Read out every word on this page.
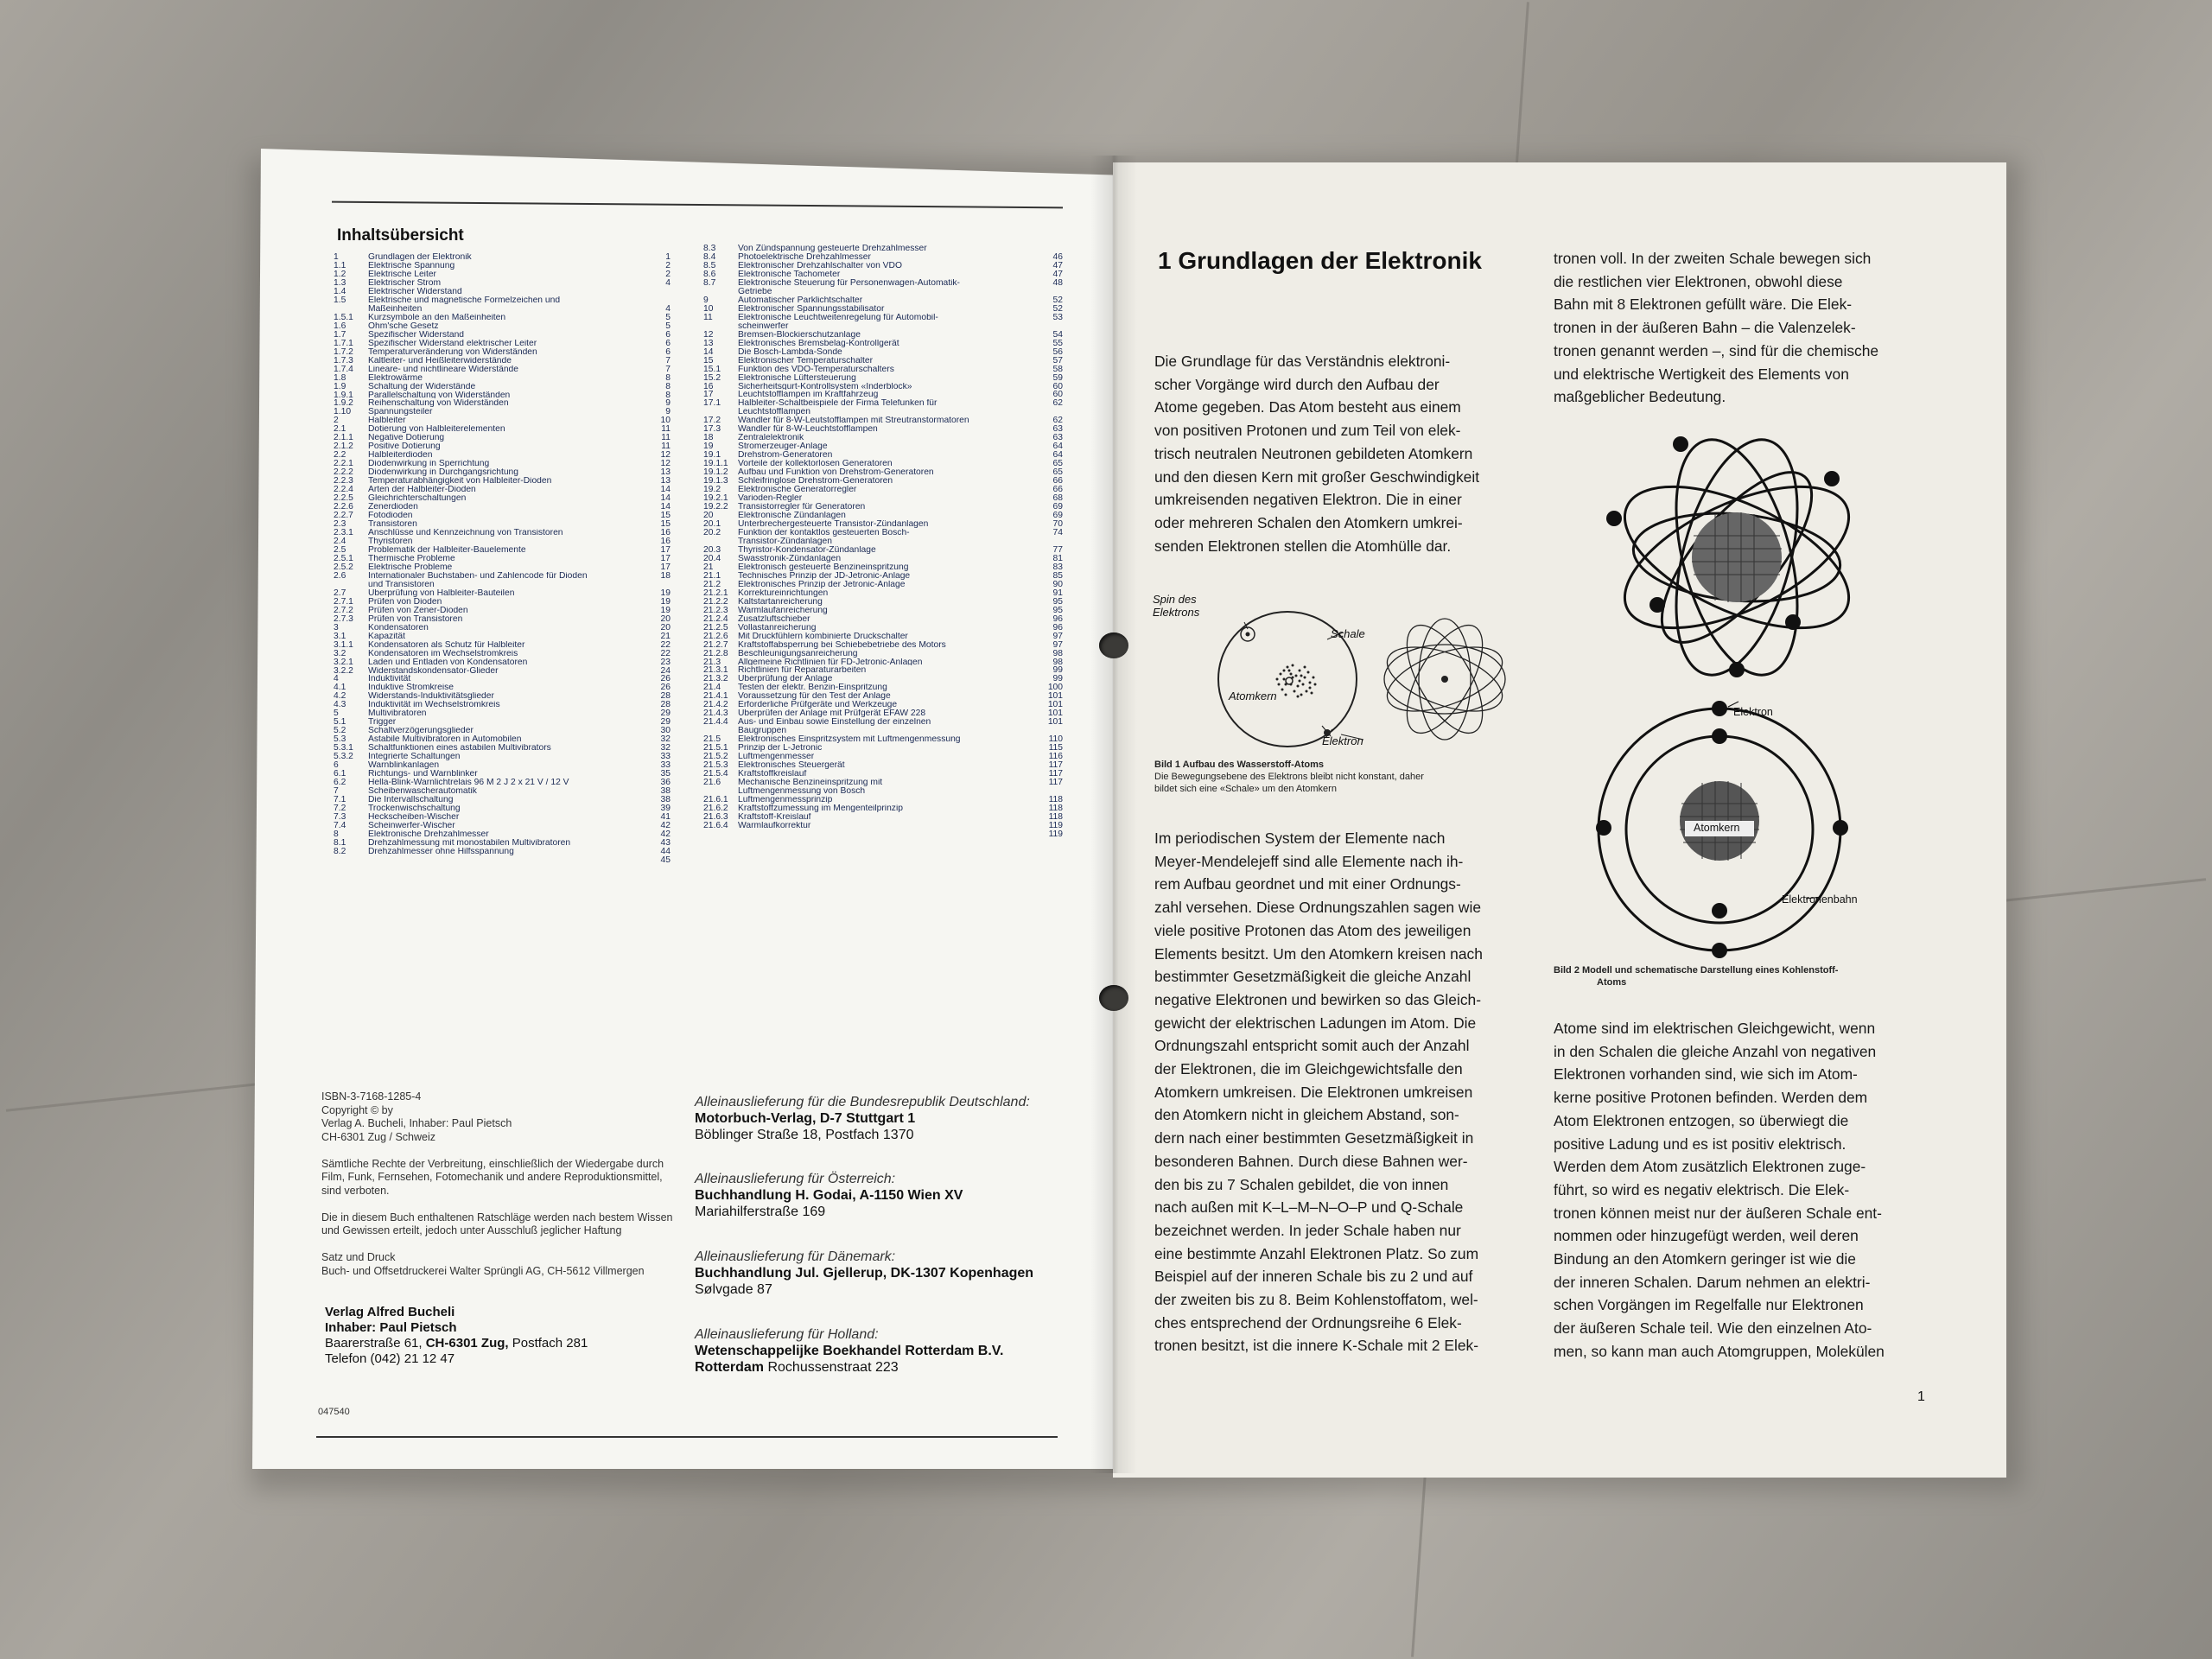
Inhaltsübersicht
1	Grundlagen der Elektronik	1
1.1	Elektrische Spannung	2
1.2	Elektrische Leiter	2
1.3	Elektrischer Strom	4
1.4	Elektrischer Widerstand
1.5	Elektrische und magnetische Formelzeichen und
Maßeinheiten	4
1.5.1	Kurzsymbole an den Maßeinheiten	5
1.6	Ohm'sche Gesetz	5
1.7	Spezifischer Widerstand	6
1.7.1	Spezifischer Widerstand elektrischer Leiter	6
1.7.2	Temperaturveränderung von Widerständen	6
1.7.3	Kaltleiter- und Heißleiterwiderstände	7
1.7.4	Lineare- und nichtlineare Widerstände	7
1.8	Elektrowärme	8
1.9	Schaltung der Widerstände	8
1.9.1	Parallelschaltung von Widerständen	8
1.9.2	Reihenschaltung von Widerständen	9
1.10	Spannungsteiler	9
2	Halbleiter	10
2.1	Dotierung von Halbleiterelementen	11
2.1.1	Negative Dotierung	11
2.1.2	Positive Dotierung	11
2.2	Halbleiterdioden	12
2.2.1	Diodenwirkung in Sperrichtung	12
2.2.2	Diodenwirkung in Durchgangsrichtung	13
2.2.3	Temperaturabhängigkeit von Halbleiter-Dioden	13
2.2.4	Arten der Halbleiter-Dioden	14
2.2.5	Gleichrichterschaltungen	14
2.2.6	Zenerdioden	14
2.2.7	Fotodioden	15
2.3	Transistoren	15
2.3.1	Anschlüsse und Kennzeichnung von Transistoren	16
2.4	Thyristoren	16
2.5	Problematik der Halbleiter-Bauelemente	17
2.5.1	Thermische Probleme	17
2.5.2	Elektrische Probleme	17
2.6	Internationaler Buchstaben- und Zahlencode für Dioden	18
und Transistoren
2.7	Überprüfung von Halbleiter-Bauteilen	19
2.7.1	Prüfen von Dioden	19
2.7.2	Prüfen von Zener-Dioden	19
2.7.3	Prüfen von Transistoren	20
3	Kondensatoren	20
3.1	Kapazität	21
3.1.1	Kondensatoren als Schutz für Halbleiter	22
3.2	Kondensatoren im Wechselstromkreis	22
3.2.1	Laden und Entladen von Kondensatoren	23
3.2.2	Widerstandskondensator-Glieder	24
4	Induktivität	26
4.1	Induktive Stromkreise	26
4.2	Widerstands-Induktivitätsglieder	28
4.3	Induktivität im Wechselstromkreis	28
5	Multivibratoren	29
5.1	Trigger	29
5.2	Schaltverzögerungsglieder	30
5.3	Astabile Multivibratoren in Automobilen	32
5.3.1	Schaltfunktionen eines astabilen Multivibrators	32
5.3.2	Integrierte Schaltungen	33
6	Warnblinkanlagen	33
6.1	Richtungs- und Warnblinker	35
6.2	Hella-Blink-Warnlichtrelais 96 M 2 J 2 x 21 V / 12 V	36
7	Scheibenwascherautomatik	38
7.1	Die Intervallschaltung	38
7.2	Trockenwischschaltung	39
7.3	Heckscheiben-Wischer	41
7.4	Scheinwerfer-Wischer	42
8	Elektronische Drehzahlmesser	42
8.1	Drehzahlmessung mit monostabilen Multivibratoren	43
8.2	Drehzahlmesser ohne Hilfsspannung	44
45
8.3	Von Zündspannung gesteuerte Drehzahlmesser
8.4	Photoelektrische Drehzahlmesser	46
8.5	Elektronischer Drehzahlschalter von VDO	47
8.6	Elektronische Tachometer	47
8.7	Elektronische Steuerung für Personenwagen-Automatik-	48
Getriebe
9	Automatischer Parklichtschalter	52
10	Elektronischer Spannungsstabilisator	52
11	Elektronische Leuchtweitenregelung für Automobil-	53
scheinwerfer
12	Bremsen-Blockierschutzanlage	54
13	Elektronisches Bremsbelag-Kontrollgerät	55
14	Die Bosch-Lambda-Sonde	56
15	Elektronischer Temperaturschalter	57
15.1	Funktion des VDO-Temperaturschalters	58
15.2	Elektronische Lüftersteuerung	59
16	Sicherheitsgurt-Kontrollsystem «Inderblock»	60
17	Leuchtstofflampen im Kraftfahrzeug	60
17.1	Halbleiter-Schaltbeispiele der Firma Telefunken für	62
Leuchtstofflampen
17.2	Wandler für 8-W-Leutstofflampen mit Streutranstormatoren	62
17.3	Wandler für 8-W-Leuchtstofflampen	63
18	Zentralelektronik	63
19	Stromerzeuger-Anlage	64
19.1	Drehstrom-Generatoren	64
19.1.1	Vorteile der kollektorlosen Generatoren	65
19.1.2	Aufbau und Funktion von Drehstrom-Generatoren	65
19.1.3	Schleifringlose Drehstrom-Generatoren	66
19.2	Elektronische Generatorregler	66
19.2.1	Varioden-Regler	68
19.2.2	Transistorregler für Generatoren	69
20	Elektronische Zündanlagen	69
20.1	Unterbrechergesteuerte Transistor-Zündanlagen	70
20.2	Funktion der kontaktlos gesteuerten Bosch-	74
Transistor-Zündanlagen
20.3	Thyristor-Kondensator-Zündanlage	77
20.4	Swasstronik-Zündanlagen	81
21	Elektronisch gesteuerte Benzineinspritzung	83
21.1	Technisches Prinzip der JD-Jetronic-Anlage	85
21.2	Elektronisches Prinzip der Jetronic-Anlage	90
21.2.1	Korrektureinrichtungen	91
21.2.2	Kaltstartanreicherung	95
21.2.3	Warmlaufanreicherung	95
21.2.4	Zusatzluftschieber	96
21.2.5	Vollastanreicherung	96
21.2.6	Mit Druckfühlern kombinierte Druckschalter	97
21.2.7	Kraftstoffabsperrung bei Schiebebetriebe des Motors	97
21.2.8	Beschleunigungsanreicherung	98
21.3	Allgemeine Richtlinien für FD-Jetronic-Anlagen	98
21.3.1	Richtlinien für Reparaturarbeiten	99
21.3.2	Überprüfung der Anlage	99
21.4	Testen der elektr. Benzin-Einspritzung	100
21.4.1	Voraussetzung für den Test der Anlage	101
21.4.2	Erforderliche Prüfgeräte und Werkzeuge	101
21.4.3	Überprüfen der Anlage mit Prüfgerät EFAW 228	101
21.4.4	Aus- und Einbau sowie Einstellung der einzelnen	101
Baugruppen
21.5	Elektronisches Einspritzsystem mit Luftmengenmessung	110
21.5.1	Prinzip der L-Jetronic	115
21.5.2	Luftmengenmesser	116
21.5.3	Elektronisches Steuergerät	117
21.5.4	Kraftstoffkreislauf	117
21.6	Mechanische Benzineinspritzung mit	117
Luftmengenmessung von Bosch
21.6.1	Luftmengenmessprinzip	118
21.6.2	Kraftstoffzumessung im Mengenteilprinzip	118
21.6.3	Kraftstoff-Kreislauf	118
21.6.4	Warmlaufkorrektur	119
119
ISBN-3-7168-1285-4
Copyright © by
Verlag A. Bucheli, Inhaber: Paul Pietsch
CH-6301 Zug / Schweiz

Sämtliche Rechte der Verbreitung, einschließlich der Wiedergabe durch
Film, Funk, Fernsehen, Fotomechanik und andere Reproduktionsmittel,
sind verboten.

Die in diesem Buch enthaltenen Ratschläge werden nach bestem Wissen
und Gewissen erteilt, jedoch unter Ausschluß jeglicher Haftung

Satz und Druck
Buch- und Offsetdruckerei Walter Sprüngli AG, CH-5612 Villmergen
Verlag Alfred Bucheli
Inhaber: Paul Pietsch
Baarerstraße 61, CH-6301 Zug, Postfach 281
Telefon (042) 21 12 47
Alleinauslieferung für die Bundesrepublik Deutschland:
Motorbuch-Verlag, D-7 Stuttgart 1
Böblinger Straße 18, Postfach 1370
Alleinauslieferung für Österreich:
Buchhandlung H. Godai, A-1150 Wien XV
Mariahilferstraße 169
Alleinauslieferung für Dänemark:
Buchhandlung Jul. Gjellerup, DK-1307 Kopenhagen
Sølvgade 87
Alleinauslieferung für Holland:
Wetenschappelijke Boekhandel Rotterdam B.V.
Rotterdam Rochussenstraat 223
047540
1 Grundlagen der Elektronik
Die Grundlage für das Verständnis elektroni-
scher Vorgänge wird durch den Aufbau der
Atome gegeben. Das Atom besteht aus einem
von positiven Protonen und zum Teil von elek-
trisch neutralen Neutronen gebildeten Atomkern
und den diesen Kern mit großer Geschwindigkeit
umkreisenden negativen Elektron. Die in einer
oder mehreren Schalen den Atomkern umkrei-
senden Elektronen stellen die Atomhülle dar.
Im periodischen System der Elemente nach
Meyer-Mendelejeff sind alle Elemente nach ih-
rem Aufbau geordnet und mit einer Ordnungs-
zahl versehen. Diese Ordnungszahlen sagen wie
viele positive Protonen das Atom des jeweiligen
Elements besitzt. Um den Atomkern kreisen nach
bestimmter Gesetzmäßigkeit die gleiche Anzahl
negative Elektronen und bewirken so das Gleich-
gewicht der elektrischen Ladungen im Atom. Die
Ordnungszahl entspricht somit auch der Anzahl
der Elektronen, die im Gleichgewichtsfalle den
Atomkern umkreisen. Die Elektronen umkreisen
den Atomkern nicht in gleichem Abstand, son-
dern nach einer bestimmten Gesetzmäßigkeit in
besonderen Bahnen. Durch diese Bahnen wer-
den bis zu 7 Schalen gebildet, die von innen
nach außen mit K–L–M–N–O–P und Q-Schale
bezeichnet werden. In jeder Schale haben nur
eine bestimmte Anzahl Elektronen Platz. So zum
Beispiel auf der inneren Schale bis zu 2 und auf
der zweiten bis zu 8. Beim Kohlenstoffatom, wel-
ches entsprechend der Ordnungsreihe 6 Elek-
tronen besitzt, ist die innere K-Schale mit 2 Elek-
tronen voll. In der zweiten Schale bewegen sich
die restlichen vier Elektronen, obwohl diese
Bahn mit 8 Elektronen gefüllt wäre. Die Elek-
tronen in der äußeren Bahn – die Valenzelek-
tronen genannt werden –, sind für die chemische
und elektrische Wertigkeit des Elements von
maßgeblicher Bedeutung.
Atome sind im elektrischen Gleichgewicht, wenn
in den Schalen die gleiche Anzahl von negativen
Elektronen vorhanden sind, wie sich im Atom-
kerne positive Protonen befinden. Werden dem
Atom Elektronen entzogen, so überwiegt die
positive Ladung und es ist positiv elektrisch.
Werden dem Atom zusätzlich Elektronen zuge-
führt, so wird es negativ elektrisch. Die Elek-
tronen können meist nur der äußeren Schale ent-
nommen oder hinzugefügt werden, weil deren
Bindung an den Atomkern geringer ist wie die
der inneren Schalen. Darum nehmen an elektri-
schen Vorgängen im Regelfalle nur Elektronen
der äußeren Schale teil. Wie den einzelnen Ato-
men, so kann man auch Atomgruppen, Molekülen
Spin des
Elektrons
Schale
Atomkern
Elektron
Bild 1 Aufbau des Wasserstoff-Atoms
Die Bewegungsebene des Elektrons bleibt nicht konstant, daher
bildet sich eine «Schale» um den Atomkern
Elektron
Atomkern
Elektronenbahn
Bild 2 Modell und schematische Darstellung eines Kohlenstoff-
Atoms
1
